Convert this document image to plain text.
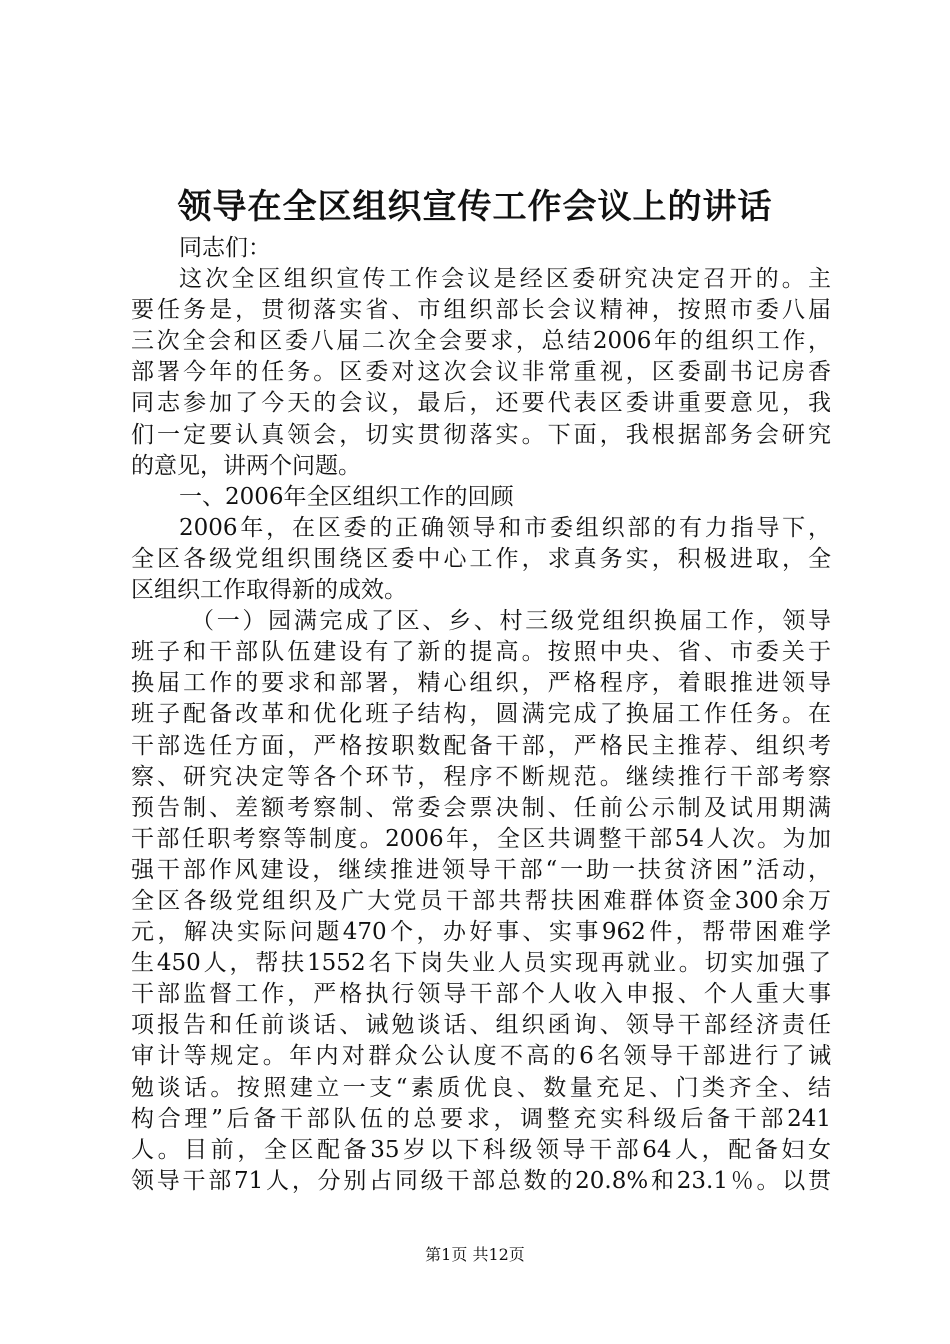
领导在全区组织宣传工作会议上的讲话
同志们：
这次全区组织宣传工作会议是经区委研究决定召开的。主
要任务是，贯彻落实省、市组织部长会议精神，按照市委八届
三次全会和区委八届二次全会要求，总结2006年的组织工作，
部署今年的任务。区委对这次会议非常重视，区委副书记房香
同志参加了今天的会议，最后，还要代表区委讲重要意见，我
们一定要认真领会，切实贯彻落实。下面，我根据部务会研究
的意见，讲两个问题。
一、2006年全区组织工作的回顾
2006年，在区委的正确领导和市委组织部的有力指导下，
全区各级党组织围绕区委中心工作，求真务实，积极进取，全
区组织工作取得新的成效。
（一）园满完成了区、乡、村三级党组织换届工作，领导
班子和干部队伍建设有了新的提高。按照中央、省、市委关于
换届工作的要求和部署，精心组织，严格程序，着眼推进领导
班子配备改革和优化班子结构，圆满完成了换届工作任务。在
干部选任方面，严格按职数配备干部，严格民主推荐、组织考
察、研究决定等各个环节，程序不断规范。继续推行干部考察
预告制、差额考察制、常委会票决制、任前公示制及试用期满
干部任职考察等制度。2006年，全区共调整干部54人次。为加
强干部作风建设，继续推进领导干部“一助一扶贫济困”活动，
全区各级党组织及广大党员干部共帮扶困难群体资金300余万
元，解决实际问题470个，办好事、实事962件，帮带困难学
生450人，帮扶1552名下岗失业人员实现再就业。切实加强了
干部监督工作，严格执行领导干部个人收入申报、个人重大事
项报告和任前谈话、诫勉谈话、组织函询、领导干部经济责任
审计等规定。年内对群众公认度不高的6名领导干部进行了诫
勉谈话。按照建立一支“素质优良、数量充足、门类齐全、结
构合理”后备干部队伍的总要求，调整充实科级后备干部241
人。目前，全区配备35岁以下科级领导干部64人，配备妇女
领导干部71人，分别占同级干部总数的20.8%和23.1％。以贯
第1页 共12页
